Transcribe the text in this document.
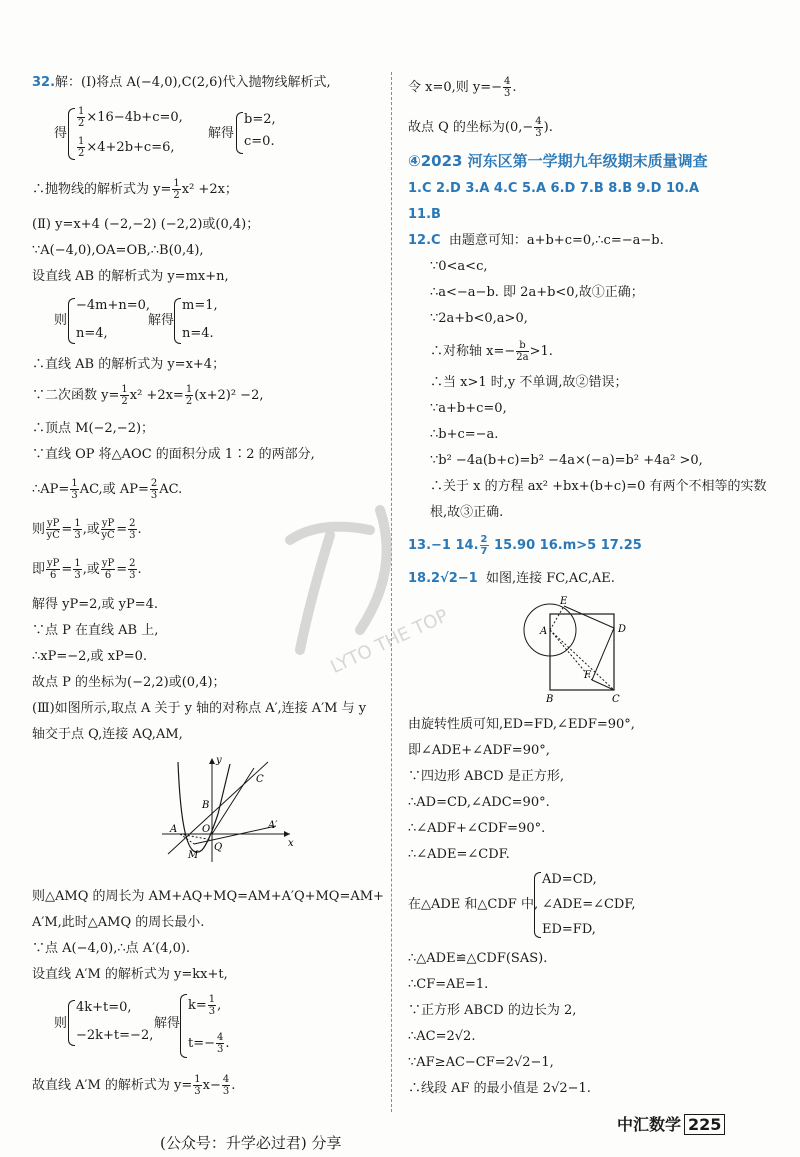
32.解：(Ⅰ)将点 A(−4,0),C(2,6)代入抛物线解析式,
得
$\frac{1}{2} \times 16-4b+c=0$,
$\frac{1}{2} \times 4+2b+c=6$,
解得
b=2,
c=0.
∴抛物线的解析式为 $y= \frac{1}{2} x^2 +2x$；
(Ⅱ) y=x+4 (−2,−2) (−2,2)或(0,4)；
∵A(−4,0),OA=OB,∴B(0,4),
设直线 AB 的解析式为 y=mx+n,
则
−4m+n=0,
n=4,
解得
m=1,
n=4.
∴直线 AB 的解析式为 y=x+4；
∵二次函数 $y= \frac{1}{2} x^2 +2x= \frac{1}{2} (x+2)^2 -2$,
∴顶点 M(−2,−2)；
∵直线 OP 将△AOC 的面积分成 1∶2 的两部分,
∴AP= $\frac{1}{3}$ AC,或 $AP= \frac{2}{3}$ AC.
则 $\frac{yP}{yC} = \frac{1}{3}$ ,或 $\frac{yP}{yC} = \frac{2}{3}$ .
即 $\frac{yP}{6} = \frac{1}{3}$ ,或 $\frac{yP}{6} = \frac{2}{3}$ .
解得 yP=2,或 yP=4.
∵点 P 在直线 AB 上,
∴xP=−2,或 xP=0.
故点 P 的坐标为(−2,2)或(0,4)；
(Ⅲ)如图所示,取点 A 关于 y 轴的对称点 A′,连接 A′M 与 y
轴交于点 Q,连接 AQ,AM,
y
x
C
B
A O	A′
M
Q
则△AMQ 的周长为 AM+AQ+MQ=AM+A′Q+MQ=AM+
A′M,此时△AMQ 的周长最小.
∵点 A(−4,0),∴点 A′(4,0).
设直线 A′M 的解析式为 y=kx+t,
则
4k+t=0,
−2k+t=−2,
解得
$k= \frac{1}{3}$ ,
$t=- \frac{4}{3}$ .
故直线 A′M 的解析式为 $y= \frac{1}{3} x- \frac{4}{3}$ .
令 x=0,则 $y=- \frac{4}{3}$ .
故点 Q 的坐标为($0,- \frac{4}{3}$ ).
④2023 河东区第一学期九年级期末质量调查
1.C 2.D 3.A 4.C 5.A 6.D 7.B 8.B 9.D 10.A
11.B
12.C 由题意可知：a+b+c=0,∴c=−a−b.
∵0<a<c,
∴a<−a−b. 即 2a+b<0,故①正确；
∵2a+b<0,a>0,
∴对称轴 $x=- \frac{b}{2a} >1$.
∴当 x>1 时,y 不单调,故②错误；
∵a+b+c=0,
∴b+c=−a.
∵b² −4a(b+c)=b² −4a×(−a)=b² +4a² >0,
∴关于 x 的方程 ax² +bx+(b+c)=0 有两个不相等的实数
根,故③正确.
13.−1 14. $\frac{2}{7} 15.90$ 16.m>5 17.25
18.2√2−1 如图,连接 FC,AC,AE.
E
A	D
F
B	C
由旋转性质可知,ED=FD,∠EDF=90°,
即∠ADE+∠ADF=90°,
∵四边形 ABCD 是正方形,
∴AD=CD,∠ADC=90°.
∴∠ADF+∠CDF=90°.
∴∠ADE=∠CDF.
在△ADE 和△CDF 中,
AD=CD,
∠ADE=∠CDF,
ED=FD,
∴△ADE≌△CDF(SAS).
∴CF=AE=1.
∵正方形 ABCD 的边长为 2,
∴AC=2√2.
∵AF≥AC−CF=2√2−1,
∴线段 AF 的最小值是 2√2−1.
LYTO THE TOP
中汇数学 225
(公众号：升学必过君) 分享
